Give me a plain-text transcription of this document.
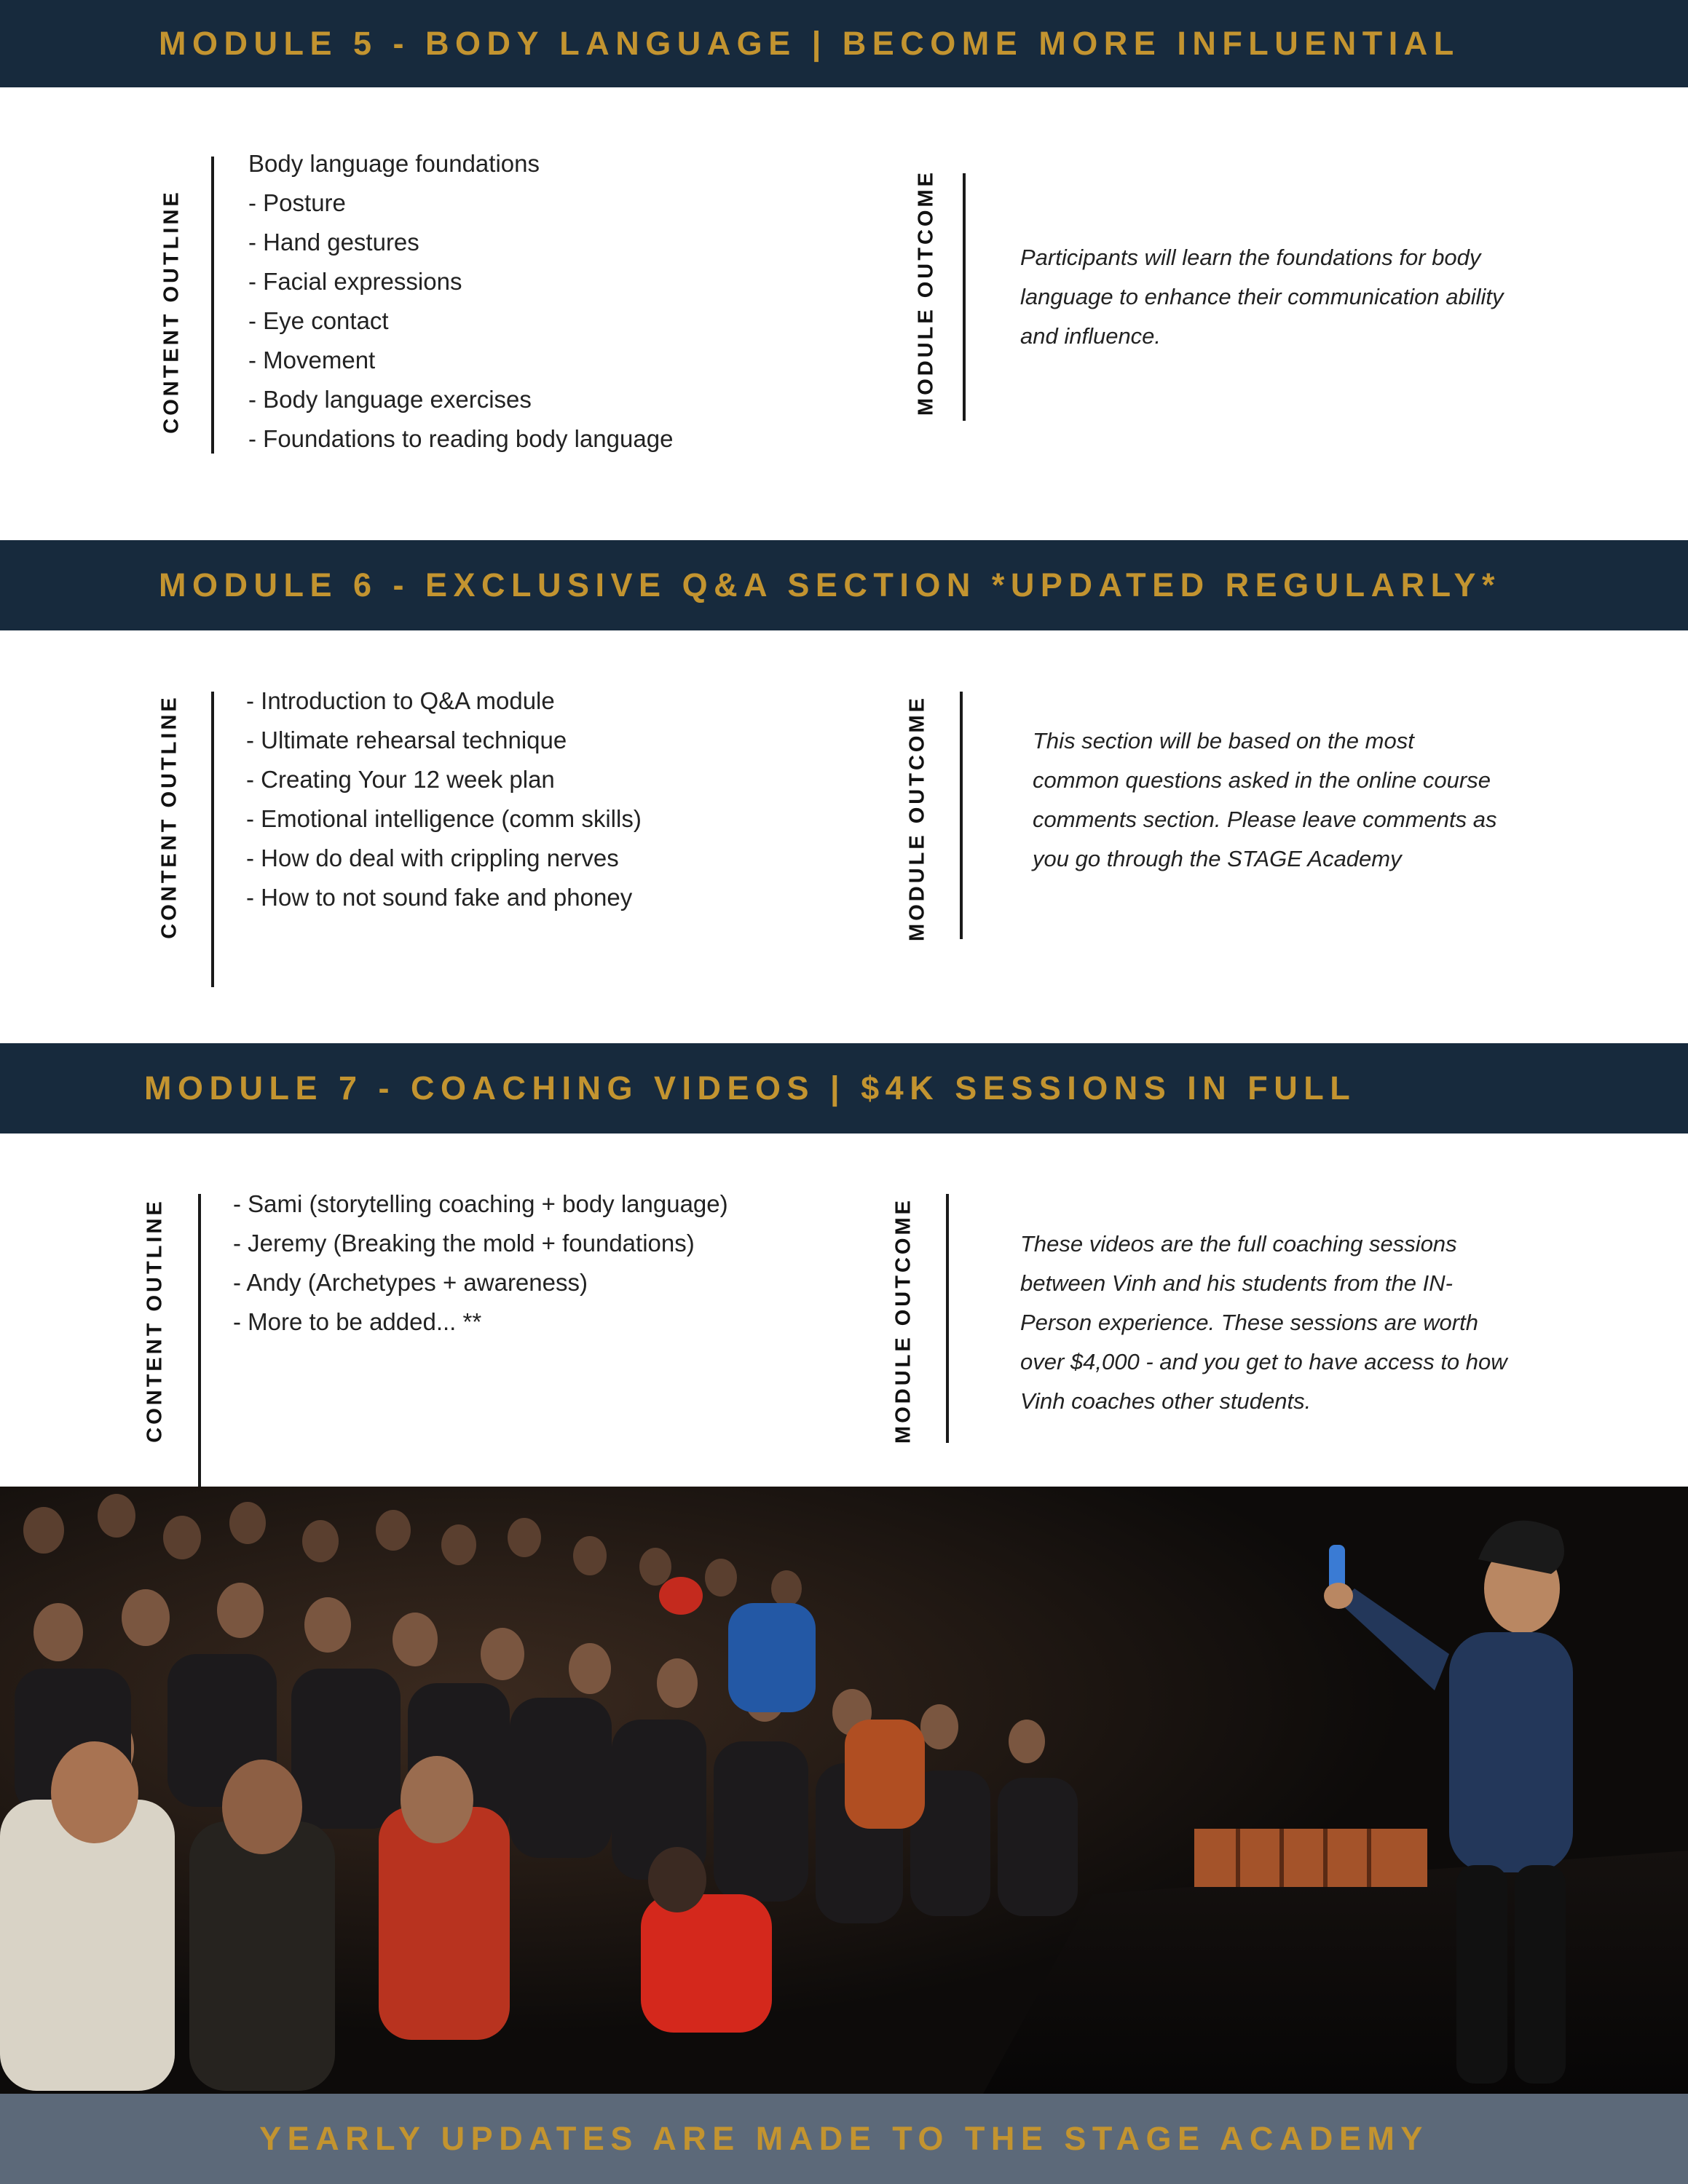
MODULE 5 - BODY LANGUAGE | BECOME MORE INFLUENTIAL
CONTENT OUTLINE
Body language foundations
- Posture
- Hand gestures
- Facial expressions
- Eye contact
- Movement
- Body language exercises
- Foundations to reading body language
MODULE OUTCOME	Participants will learn the foundations for body language to enhance their communication ability and influence.

MODULE 6 - EXCLUSIVE Q&A SECTION *UPDATED REGULARLY*
CONTENT OUTLINE	- Introduction to Q&A module
- Ultimate rehearsal technique
- Creating Your 12 week plan
- Emotional intelligence (comm skills)
- How do deal with crippling nerves
- How to not sound fake and phoney	MODULE OUTCOME	This section will be based on the most common questions asked in the online course comments section. Please leave comments as you go through the STAGE Academy

MODULE 7 - COACHING VIDEOS | $4K SESSIONS IN FULL
CONTENT OUTLINE	- Sami (storytelling coaching + body language)
- Jeremy (Breaking the mold + foundations)
- Andy (Archetypes + awareness)
- More to be added... **	MODULE OUTCOME	These videos are the full coaching sessions between Vinh and his students from the IN-Person experience. These sessions are worth over $4,000 - and you get to have access to how Vinh coaches other students.

YEARLY UPDATES ARE MADE TO THE STAGE ACADEMY
